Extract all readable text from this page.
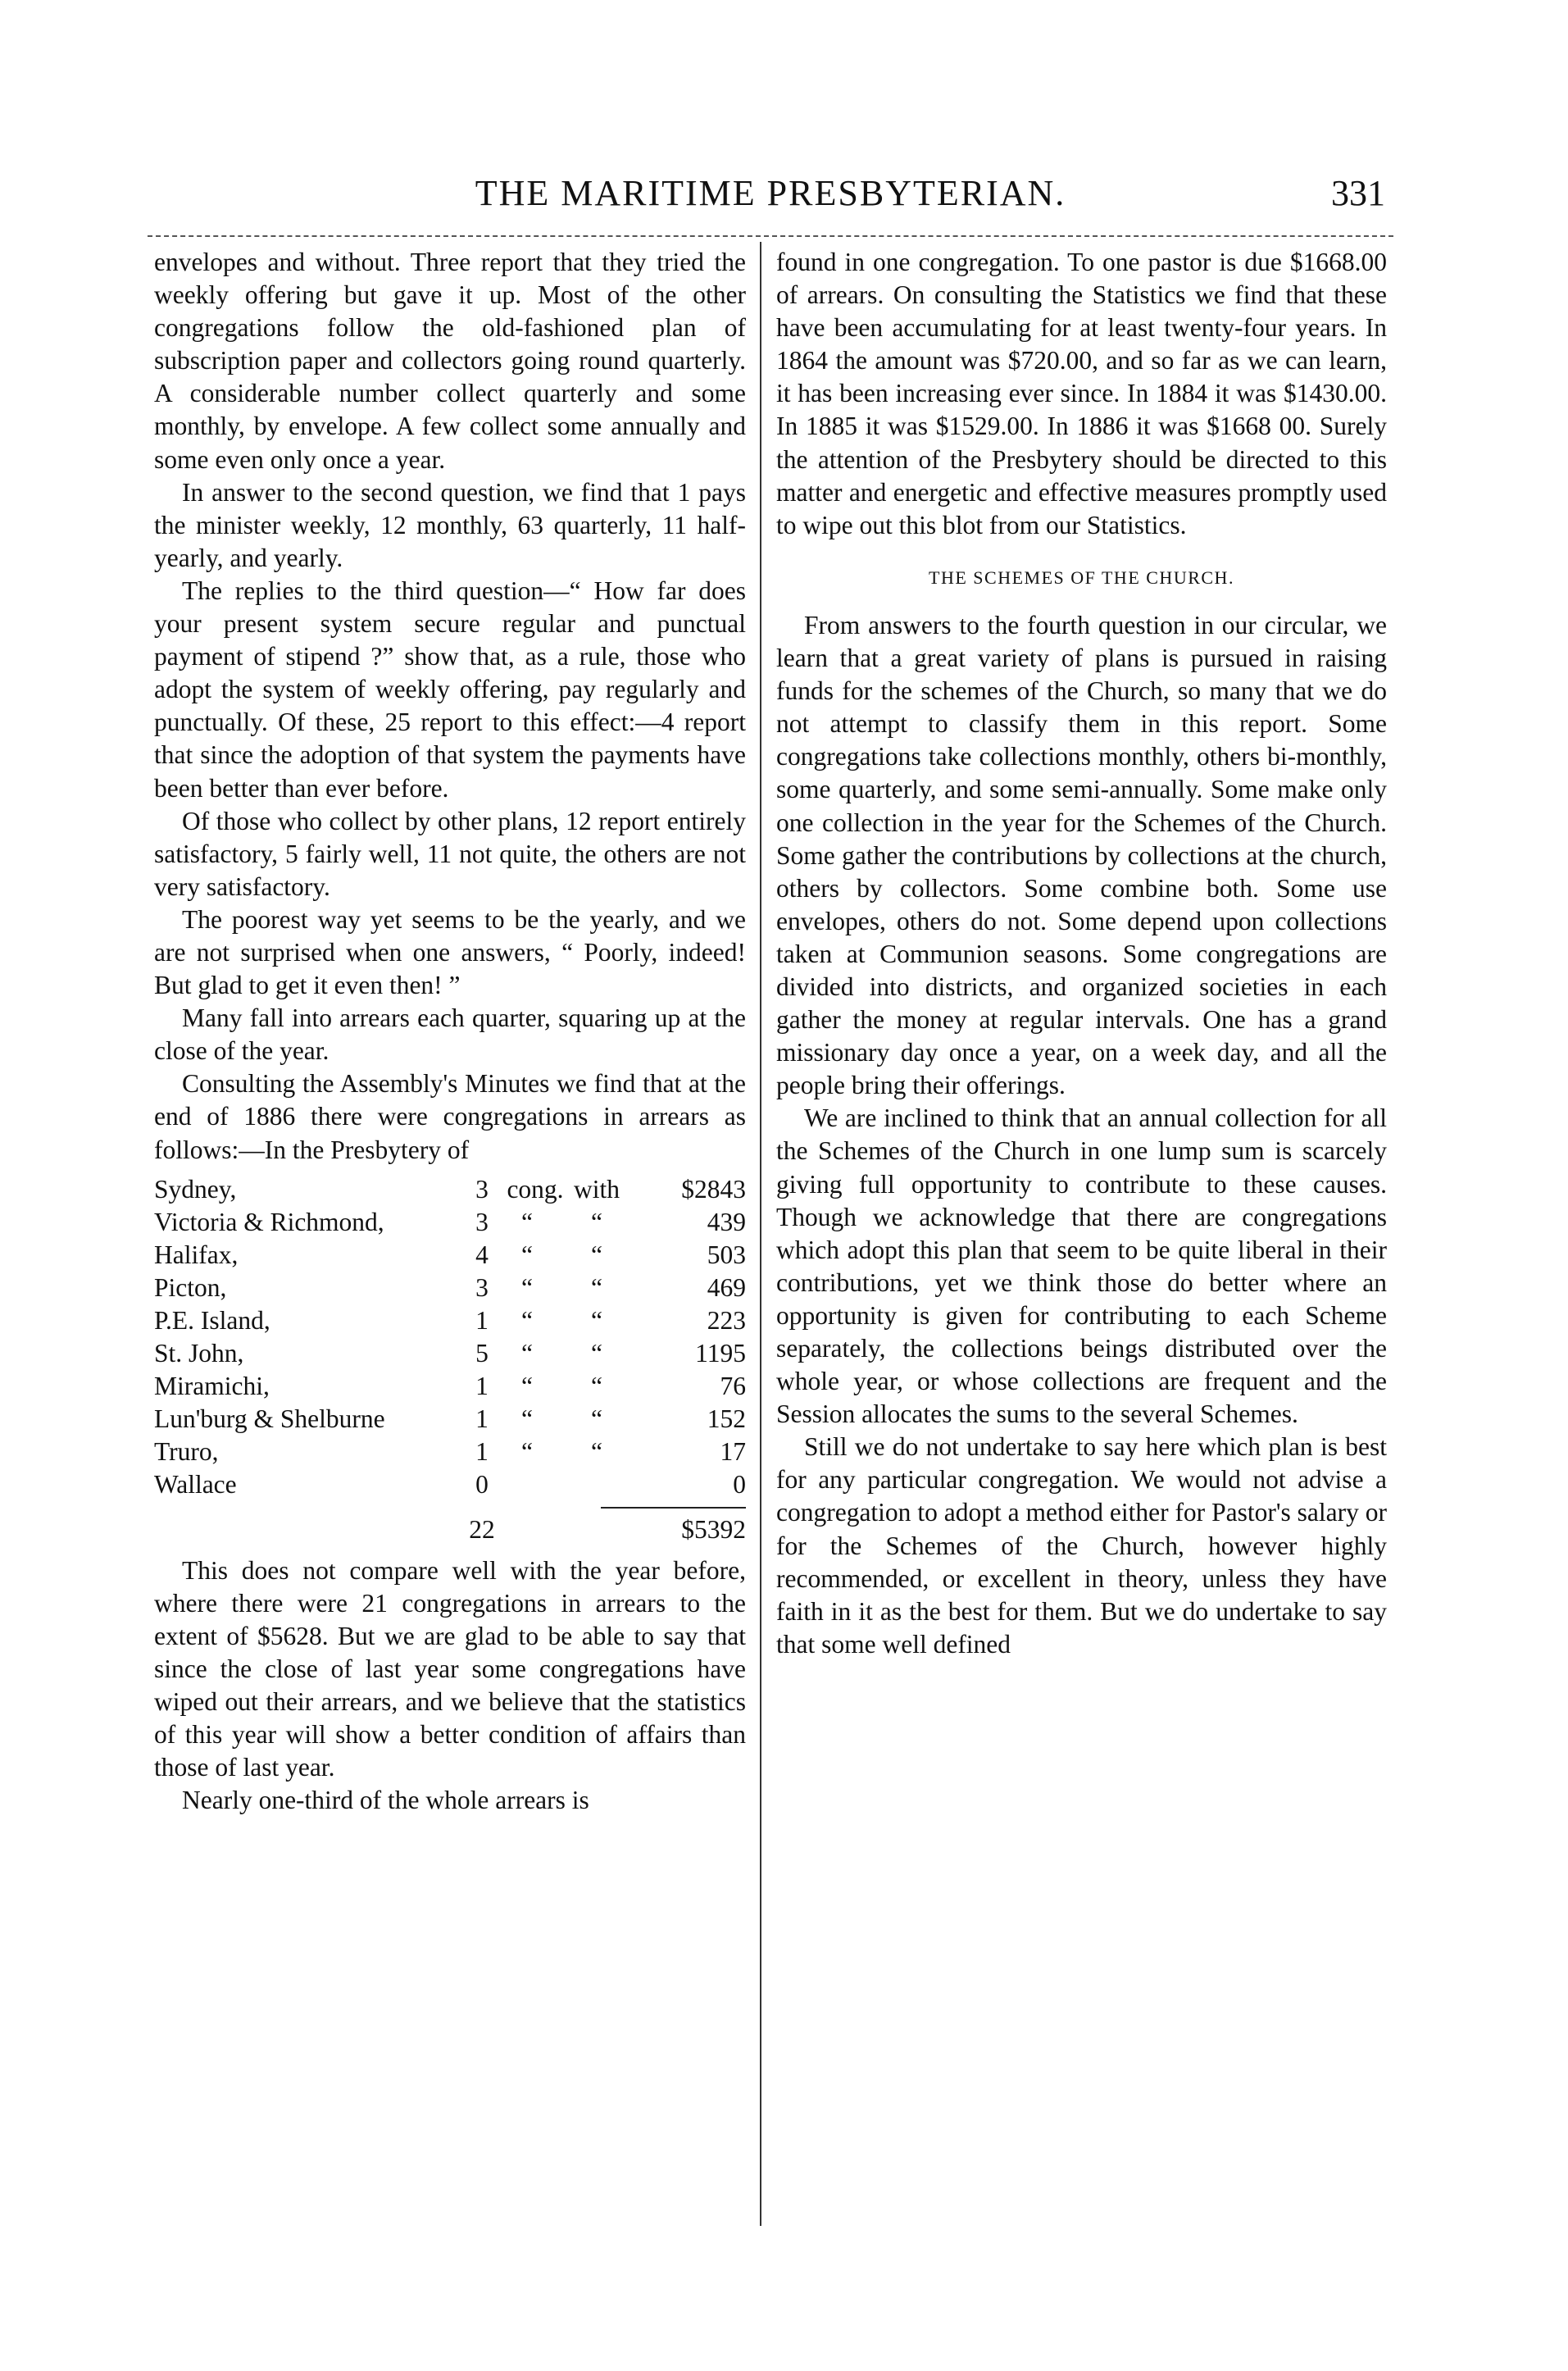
THE MARITIME PRESBYTERIAN.	331

envelopes and without. Three report that they tried the weekly offering but gave it up. Most of the other congregations follow the old-fashioned plan of subscription paper and collectors going round quarterly. A considerable number collect quarterly and some monthly, by envelope. A few collect some annually and some even only once a year.

In answer to the second question, we find that 1 pays the minister weekly, 12 monthly, 63 quarterly, 11 half-yearly, and yearly.

The replies to the third question—“ How far does your present system secure regular and punctual payment of stipend ?” show that, as a rule, those who adopt the system of weekly offering, pay regularly and punctually. Of these, 25 report to this effect:—4 report that since the adoption of that system the payments have been better than ever before.

Of those who collect by other plans, 12 report entirely satisfactory, 5 fairly well, 11 not quite, the others are not very satisfactory.

The poorest way yet seems to be the yearly, and we are not surprised when one answers, “ Poorly, indeed! But glad to get it even then! ”

Many fall into arrears each quarter, squaring up at the close of the year.

Consulting the Assembly's Minutes we find that at the end of 1886 there were congregations in arrears as follows:—In the Presbytery of

Sydney,	3 cong. with	$2843
Victoria & Richmond,	3 “ “	439
Halifax,	4 “ “	503
Picton,	3 “ “	469
P.E. Island,	1 “ “	223
St. John,	5 “ “	1195
Miramichi,	1 “ “	76
Lun'burg & Shelburne	1 “ “	152
Truro,	1 “ “	17
Wallace	0	0
22	$5392

This does not compare well with the year before, where there were 21 congregations in arrears to the extent of $5628. But we are glad to be able to say that since the close of last year some congregations have wiped out their arrears, and we believe that the statistics of this year will show a better condition of affairs than those of last year.

Nearly one-third of the whole arrears is

found in one congregation. To one pastor is due $1668.00 of arrears. On consulting the Statistics we find that these have been accumulating for at least twenty-four years. In 1864 the amount was $720.00, and so far as we can learn, it has been increasing ever since. In 1884 it was $1430.00. In 1885 it was $1529.00. In 1886 it was $1668 00. Surely the attention of the Presbytery should be directed to this matter and energetic and effective measures promptly used to wipe out this blot from our Statistics.

THE SCHEMES OF THE CHURCH.

From answers to the fourth question in our circular, we learn that a great variety of plans is pursued in raising funds for the schemes of the Church, so many that we do not attempt to classify them in this report. Some congregations take collections monthly, others bi-monthly, some quarterly, and some semi-annually. Some make only one collection in the year for the Schemes of the Church. Some gather the contributions by collections at the church, others by collectors. Some combine both. Some use envelopes, others do not. Some depend upon collections taken at Communion seasons. Some congregations are divided into districts, and organized societies in each gather the money at regular intervals. One has a grand missionary day once a year, on a week day, and all the people bring their offerings.

We are inclined to think that an annual collection for all the Schemes of the Church in one lump sum is scarcely giving full opportunity to contribute to these causes. Though we acknowledge that there are congregations which adopt this plan that seem to be quite liberal in their contributions, yet we think those do better where an opportunity is given for contributing to each Scheme separately, the collections beings distributed over the whole year, or whose collections are frequent and the Session allocates the sums to the several Schemes.

Still we do not undertake to say here which plan is best for any particular congregation. We would not advise a congregation to adopt a method either for Pastor's salary or for the Schemes of the Church, however highly recommended, or excellent in theory, unless they have faith in it as the best for them. But we do undertake to say that some well defined
